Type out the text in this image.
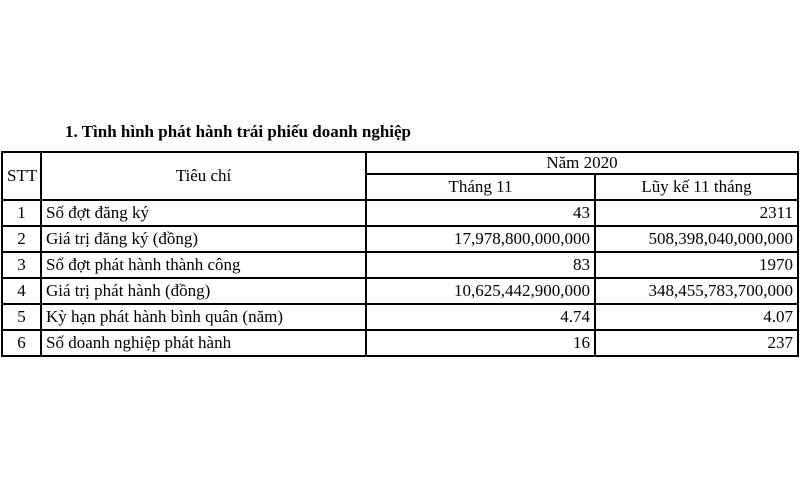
1. Tình hình phát hành trái phiếu doanh nghiệp
STT	Tiêu chí	Năm 2020	
		Tháng 11	Lũy kế 11 tháng
1	Số đợt đăng ký	43	2311
2	Giá trị đăng ký (đồng)	17,978,800,000,000	508,398,040,000,000
3	Số đợt phát hành thành công	83	1970
4	Giá trị phát hành (đồng)	10,625,442,900,000	348,455,783,700,000
5	Kỳ hạn phát hành bình quân (năm)	4.74	4.07
6	Số doanh nghiệp phát hành	16	237
